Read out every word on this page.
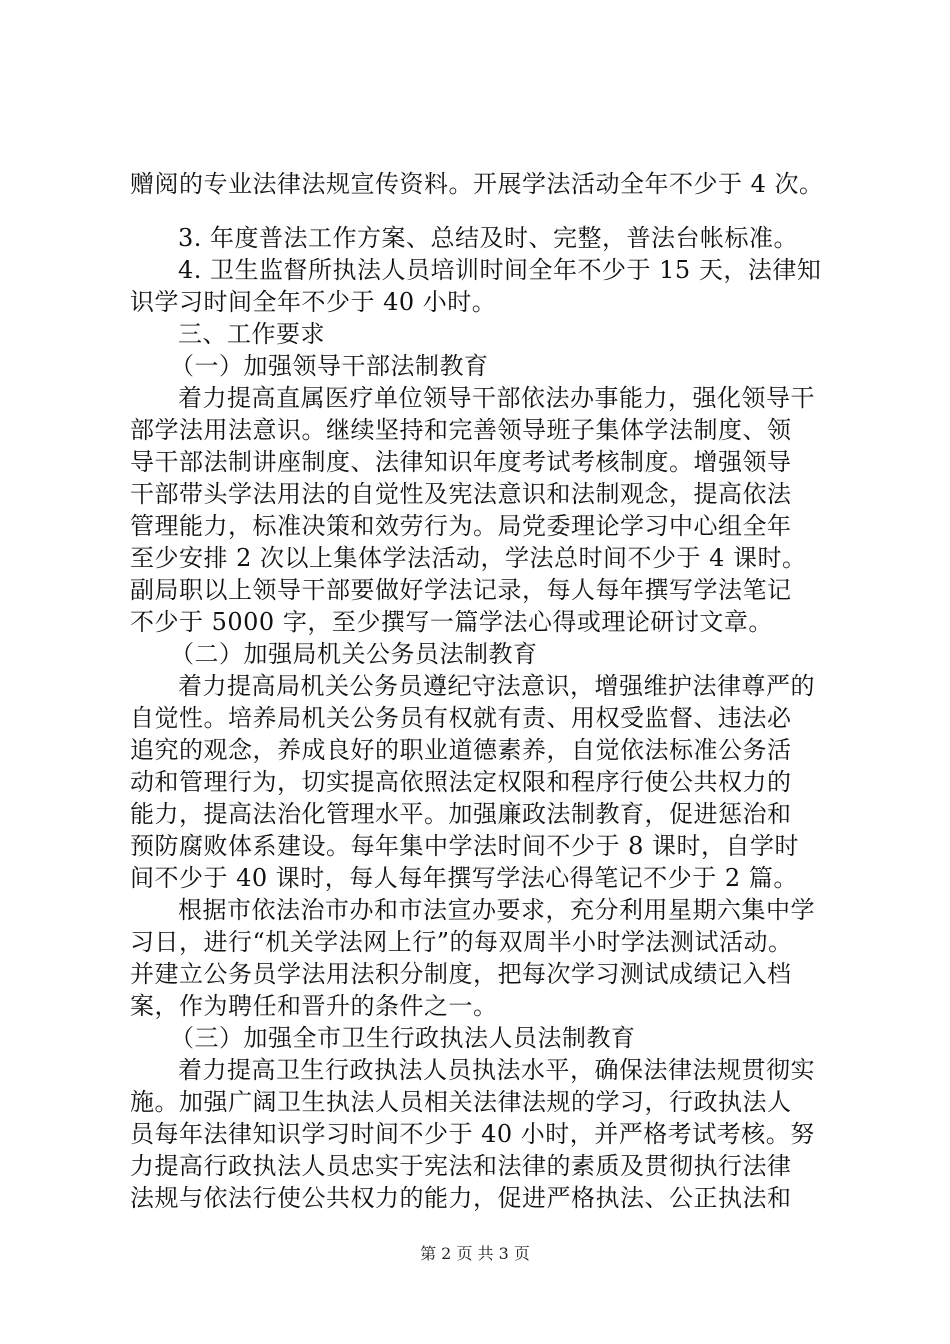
赠阅的专业法律法规宣传资料。开展学法活动全年不少于 4 次。
3. 年度普法工作方案、总结及时、完整，普法台帐标准。
4. 卫生监督所执法人员培训时间全年不少于 15 天，法律知
识学习时间全年不少于 40 小时。
三、工作要求
（一）加强领导干部法制教育
着力提高直属医疗单位领导干部依法办事能力，强化领导干
部学法用法意识。继续坚持和完善领导班子集体学法制度、领
导干部法制讲座制度、法律知识年度考试考核制度。增强领导
干部带头学法用法的自觉性及宪法意识和法制观念，提高依法
管理能力，标准决策和效劳行为。局党委理论学习中心组全年
至少安排 2 次以上集体学法活动，学法总时间不少于 4 课时。
副局职以上领导干部要做好学法记录，每人每年撰写学法笔记
不少于 5000 字，至少撰写一篇学法心得或理论研讨文章。
（二）加强局机关公务员法制教育
着力提高局机关公务员遵纪守法意识，增强维护法律尊严的
自觉性。培养局机关公务员有权就有责、用权受监督、违法必
追究的观念，养成良好的职业道德素养，自觉依法标准公务活
动和管理行为，切实提高依照法定权限和程序行使公共权力的
能力，提高法治化管理水平。加强廉政法制教育，促进惩治和
预防腐败体系建设。每年集中学法时间不少于 8 课时，自学时
间不少于 40 课时，每人每年撰写学法心得笔记不少于 2 篇。
根据市依法治市办和市法宣办要求，充分利用星期六集中学
习日，进行“机关学法网上行”的每双周半小时学法测试活动。
并建立公务员学法用法积分制度，把每次学习测试成绩记入档
案，作为聘任和晋升的条件之一。
（三）加强全市卫生行政执法人员法制教育
着力提高卫生行政执法人员执法水平，确保法律法规贯彻实
施。加强广阔卫生执法人员相关法律法规的学习，行政执法人
员每年法律知识学习时间不少于 40 小时，并严格考试考核。努
力提高行政执法人员忠实于宪法和法律的素质及贯彻执行法律
法规与依法行使公共权力的能力，促进严格执法、公正执法和
第 2 页 共 3 页
